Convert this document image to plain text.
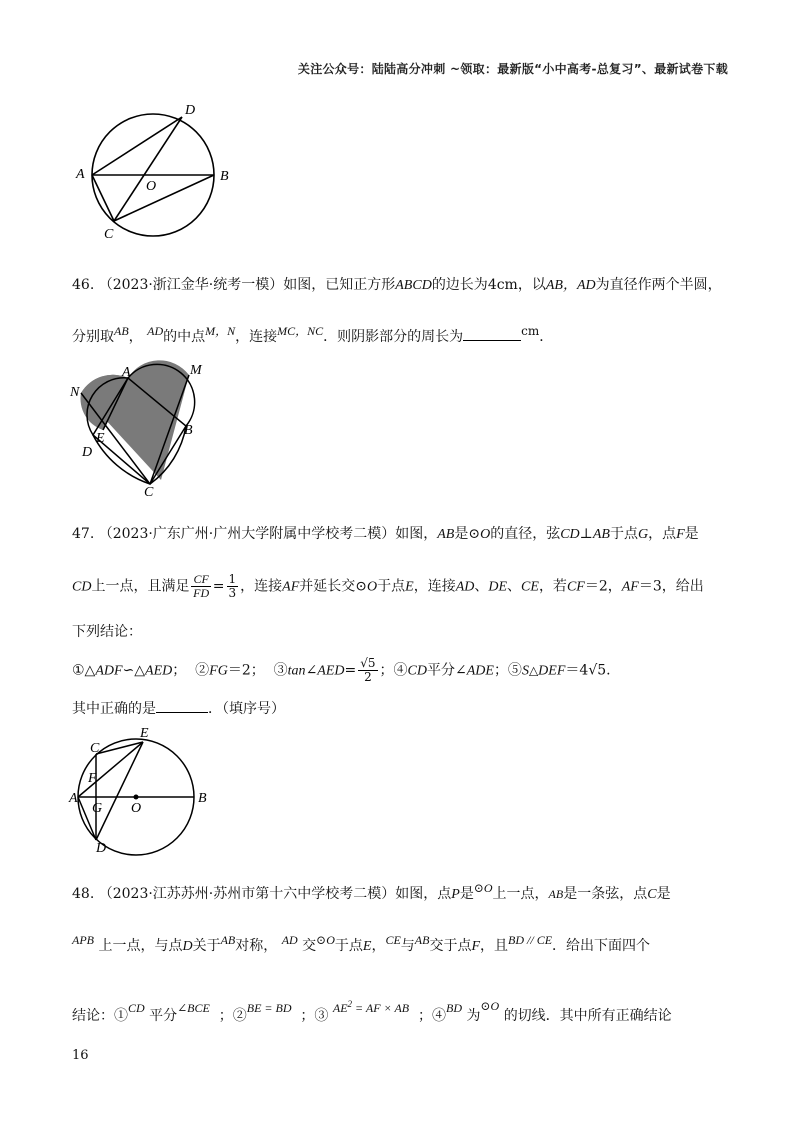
关注公众号：陆陆高分冲刺 ~领取：最新版“小中高考-总复习”、最新试卷下载
D
A
O
B
C
46. （2023·浙江金华·统考一模）如图，已知正方形ABCD的边长为4cm，以AB，AD为直径作两个半圆，
分别取AB， AD的中点M，N，连接MC，NC．则阴影部分的周长为	cm．
N
A	M
B
E
D
C
47. （2023·广东广州·广州大学附属中学校考二模）如图，AB是⊙O的直径，弦CD⊥AB于点G，点F是
CD上一点，且满足 $\frac{CF}{FD} = \frac{1}{3}$ ，连接AF并延长交⊙O于点E，连接AD、DE、CE，若CF＝2，AF＝3，给出
下列结论：
①△ADF∽△AED； ②FG＝2； ③tan∠AED= $\frac{√5}{2}$ ；④CD平分∠ADE；⑤S△DEF＝4√5.
其中正确的是	．（填序号）
C
E
F
A
G O
B
D
48. （2023·江苏苏州·苏州市第十六中学校考二模）如图，点P是⊙O上一点，AB是一条弦，点C是
APB 上一点，与点D关于AB对称， AD 交⊙O于点E，CE与AB交于点F，且BD // CE．给出下面四个
结论：①CD 平分∠BCE ；②BE = BD ；③ $AE^2$ = AF × AB ；④BD 为⊙O 的切线．其中所有正确结论
16
